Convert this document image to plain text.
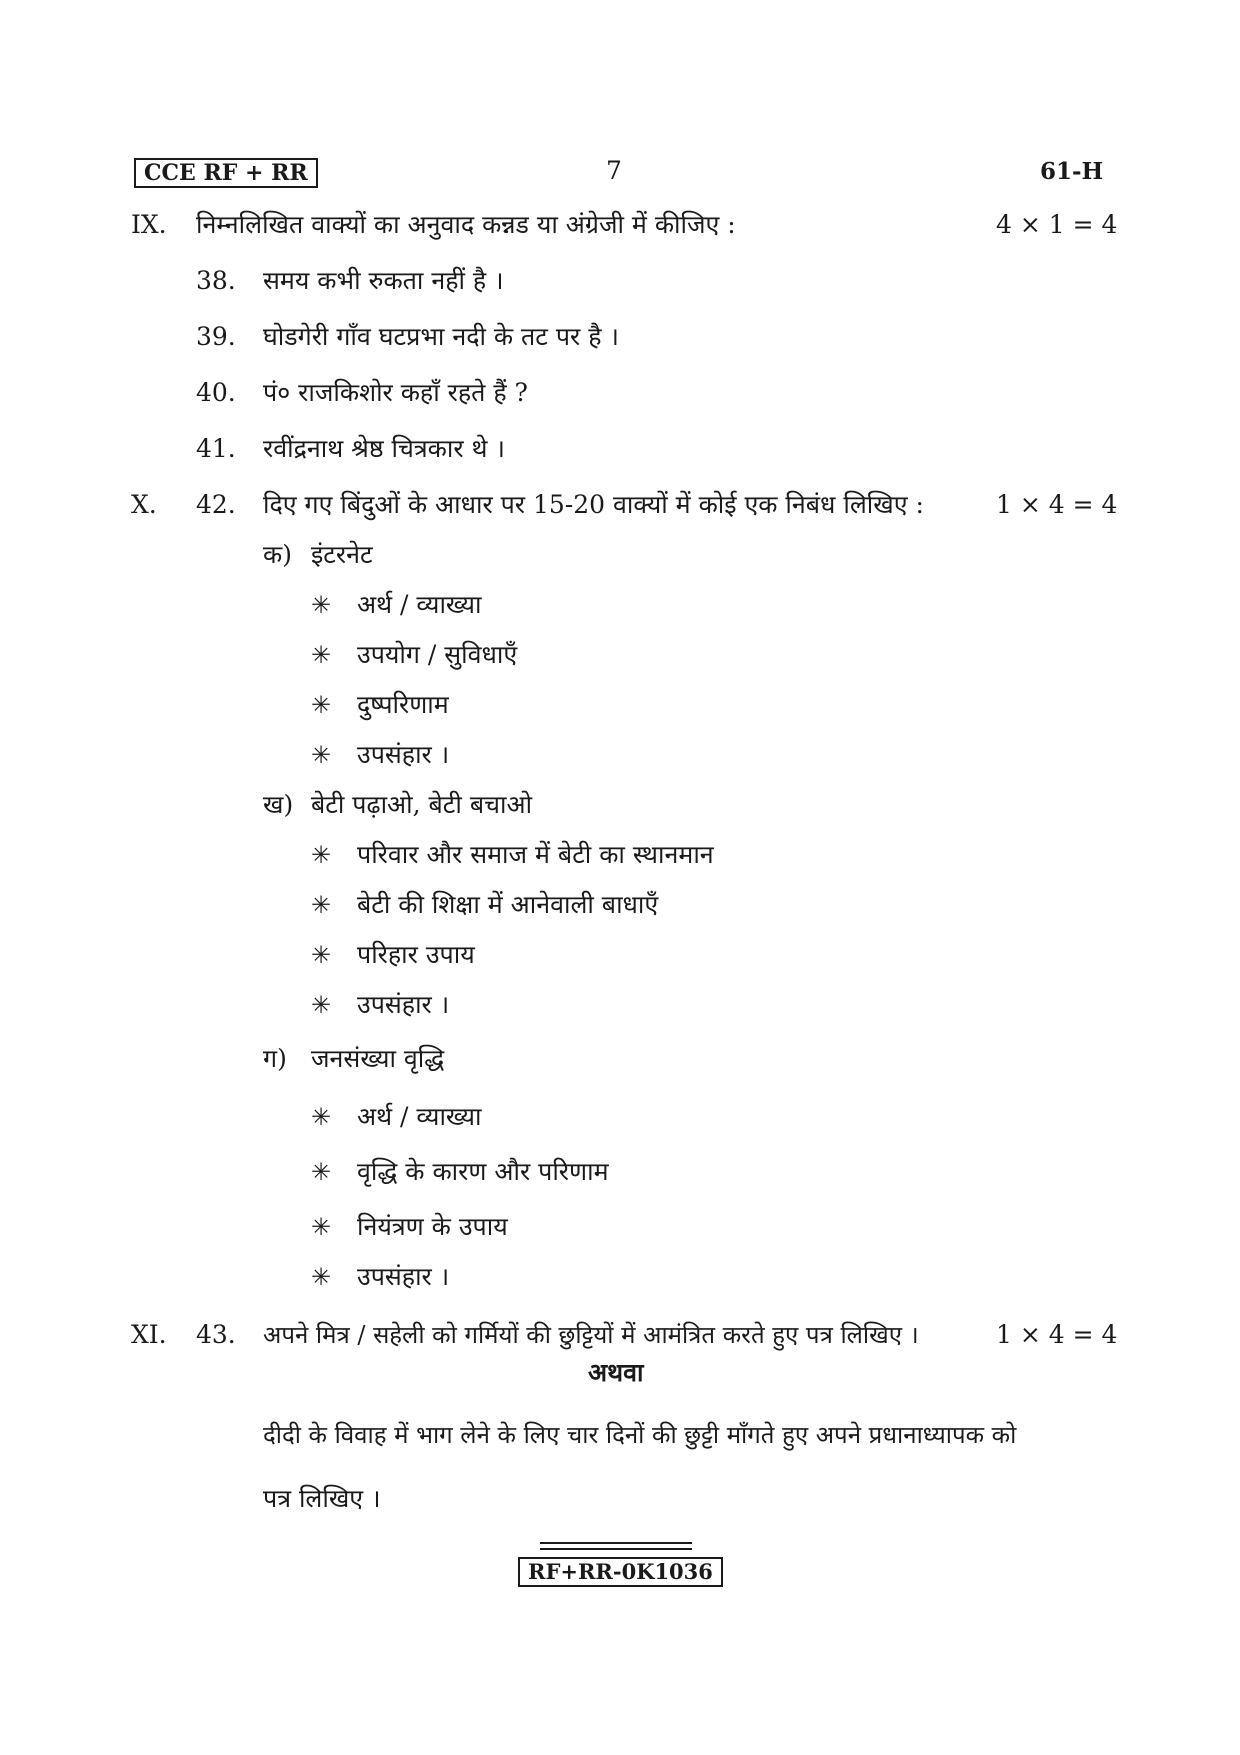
CCE RF + RR	7	61-H
IX. निम्नलिखित वाक्यों का अनुवाद कन्नड या अंग्रेजी में कीजिए :	4 × 1 = 4
38. समय कभी रुकता नहीं है ।
39. घोडगेरी गाँव घटप्रभा नदी के तट पर है ।
40. पं० राजकिशोर कहाँ रहते हैं ?
41. रवींद्रनाथ श्रेष्ठ चित्रकार थे ।
X. 42. दिए गए बिंदुओं के आधार पर 15-20 वाक्यों में कोई एक निबंध लिखिए :	1 × 4 = 4
क) इंटरनेट
✳ अर्थ / व्याख्या
✳ उपयोग / सुविधाएँ
✳ दुष्परिणाम
✳ उपसंहार ।
ख) बेटी पढ़ाओ, बेटी बचाओ
✳ परिवार और समाज में बेटी का स्थानमान
✳ बेटी की शिक्षा में आनेवाली बाधाएँ
✳ परिहार उपाय
✳ उपसंहार ।
ग) जनसंख्या वृद्धि
✳ अर्थ / व्याख्या
✳ वृद्धि के कारण और परिणाम
✳ नियंत्रण के उपाय
✳ उपसंहार ।
XI. 43. अपने मित्र / सहेली को गर्मियों की छुट्टियों में आमंत्रित करते हुए पत्र लिखिए ।	1 × 4 = 4
अथवा
दीदी के विवाह में भाग लेने के लिए चार दिनों की छुट्टी माँगते हुए अपने प्रधानाध्यापक को
पत्र लिखिए ।
RF+RR-0K1036
